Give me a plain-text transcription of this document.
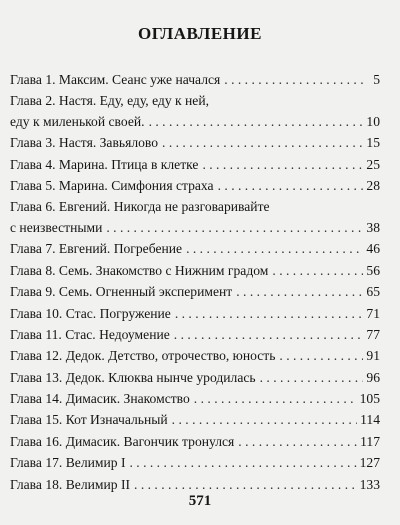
ОГЛАВЛЕНИЕ
Глава 1. Максим. Сеанс уже начался . . .	5
Глава 2. Настя. Еду, еду, еду к ней,
еду к миленькой своей. . . .	10
Глава 3. Настя. Завьялово . . .	15
Глава 4. Марина. Птица в клетке . . .	25
Глава 5. Марина. Симфония страха . . .	28
Глава 6. Евгений. Никогда не разговаривайте
с неизвестными . . .	38
Глава 7. Евгений. Погребение . . .	46
Глава 8. Семь. Знакомство с Нижним градом . . .	56
Глава 9. Семь. Огненный эксперимент . . .	65
Глава 10. Стас. Погружение . . .	71
Глава 11. Стас. Недоумение . . .	77
Глава 12. Дедок. Детство, отрочество, юность . . .	91
Глава 13. Дедок. Клюква нынче уродилась . . .	96
Глава 14. Димасик. Знакомство . . .	105
Глава 15. Кот Изначальный . . .	114
Глава 16. Димасик. Вагончик тронулся . . .	117
Глава 17. Велимир I . . .	127
Глава 18. Велимир II . . .	133
571
